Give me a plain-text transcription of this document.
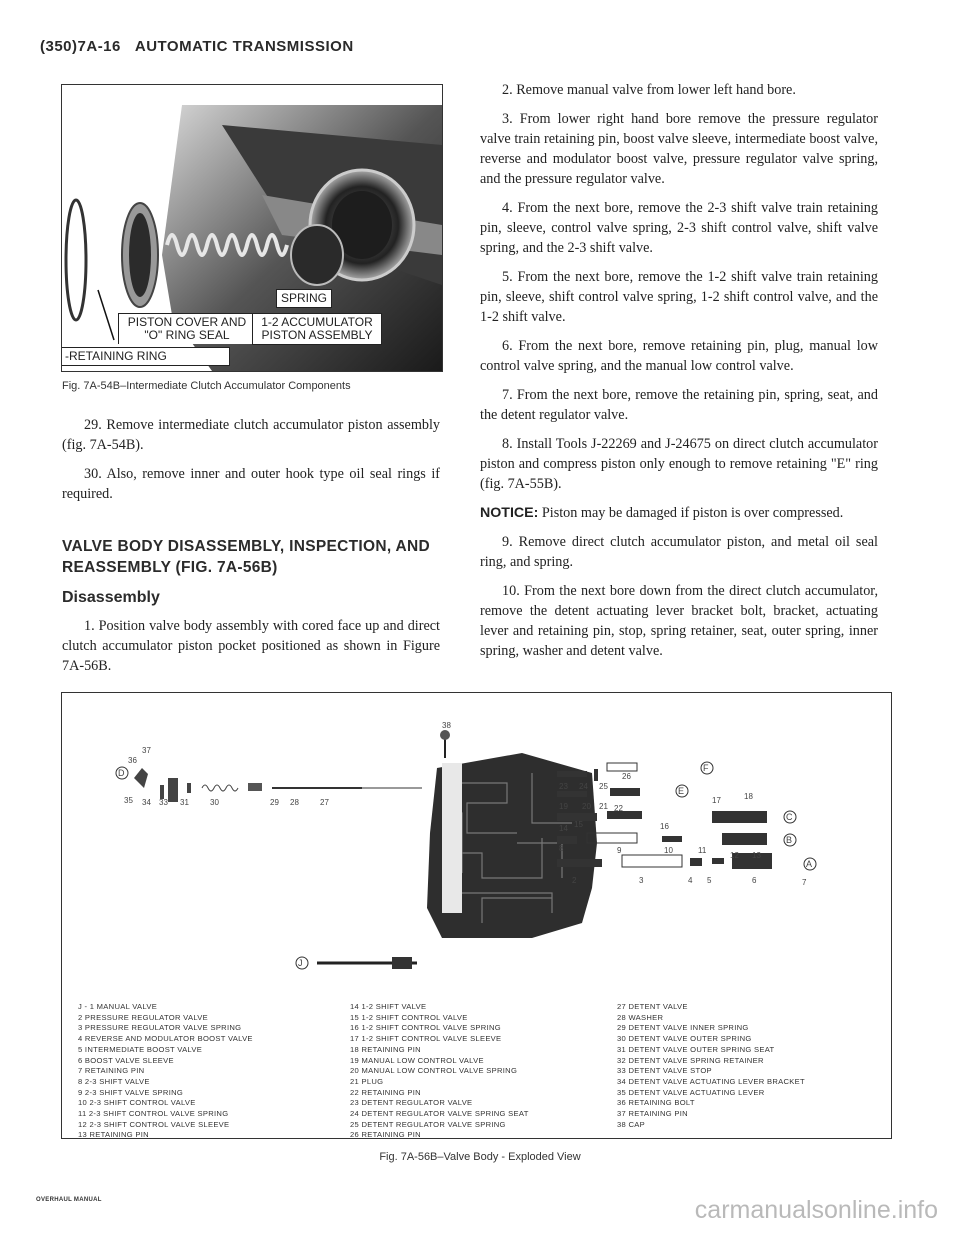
(350)7A-16 AUTOMATIC TRANSMISSION
SPRING
PISTON COVER AND
"O" RING SEAL
1-2 ACCUMULATOR
PISTON ASSEMBLY
-RETAINING RING
Fig. 7A-54B–Intermediate Clutch Accumulator Components

29. Remove intermediate clutch accumulator piston assembly (fig. 7A-54B).

30. Also, remove inner and outer hook type oil seal rings if required.

VALVE BODY DISASSEMBLY, INSPECTION, AND REASSEMBLY (FIG. 7A-56B)
Disassembly

1. Position valve body assembly with cored face up and direct clutch accumulator piston pocket positioned as shown in Figure 7A-56B.

2. Remove manual valve from lower left hand bore.

3. From lower right hand bore remove the pressure regulator valve train retaining pin, boost valve sleeve, intermediate boost valve, reverse and modulator boost valve, pressure regulator valve spring, and the pressure regulator valve.

4. From the next bore, remove the 2-3 shift valve train retaining pin, sleeve, control valve spring, 2-3 shift control valve, shift valve spring, and the 2-3 shift valve.

5. From the next bore, remove the 1-2 shift valve train retaining pin, sleeve, shift control valve spring, 1-2 shift control valve, and the 1-2 shift valve.

6. From the next bore, remove retaining pin, plug, manual low control valve spring, and the manual low control valve.

7. From the next bore, remove the retaining pin, spring, seat, and the detent regulator valve.

8. Install Tools J-22269 and J-24675 on direct clutch accumulator piston and compress piston only enough to remove retaining "E" ring (fig. 7A-55B).

NOTICE: Piston may be damaged if piston is over compressed.

9. Remove direct clutch accumulator piston, and metal oil seal ring, and spring.

10. From the next bore down from the direct clutch accumulator, remove the detent actuating lever bracket bolt, bracket, actuating lever and retaining pin, stop, spring retainer, seat, outer spring, inner spring, washer and detent valve.

38
36
37
35 34 33 31	30	29 28	27
23 24 25
26
19 20 21 22
14 15	16
17	18
8	9	10	11
12 13
2	3	4 5	6	7
F
E
C
B
A
D
J
J - 1 MANUAL VALVE
2 PRESSURE REGULATOR VALVE
3 PRESSURE REGULATOR VALVE SPRING
4 REVERSE AND MODULATOR BOOST VALVE
5 INTERMEDIATE BOOST VALVE
6 BOOST VALVE SLEEVE
7 RETAINING PIN
8 2-3 SHIFT VALVE
9 2-3 SHIFT VALVE SPRING
10 2-3 SHIFT CONTROL VALVE
11 2-3 SHIFT CONTROL VALVE SPRING
12 2-3 SHIFT CONTROL VALVE SLEEVE
13 RETAINING PIN
14 1-2 SHIFT VALVE
15 1-2 SHIFT CONTROL VALVE
16 1-2 SHIFT CONTROL VALVE SPRING
17 1-2 SHIFT CONTROL VALVE SLEEVE
18 RETAINING PIN
19 MANUAL LOW CONTROL VALVE
20 MANUAL LOW CONTROL VALVE SPRING
21 PLUG
22 RETAINING PIN
23 DETENT REGULATOR VALVE
24 DETENT REGULATOR VALVE SPRING SEAT
25 DETENT REGULATOR VALVE SPRING
26 RETAINING PIN
27 DETENT VALVE
28 WASHER
29 DETENT VALVE INNER SPRING
30 DETENT VALVE OUTER SPRING
31 DETENT VALVE OUTER SPRING SEAT
32 DETENT VALVE SPRING RETAINER
33 DETENT VALVE STOP
34 DETENT VALVE ACTUATING LEVER BRACKET
35 DETENT VALVE ACTUATING LEVER
36 RETAINING BOLT
37 RETAINING PIN
38 CAP
Fig. 7A-56B–Valve Body - Exploded View
OVERHAUL MANUAL	carmanualsonline.info
